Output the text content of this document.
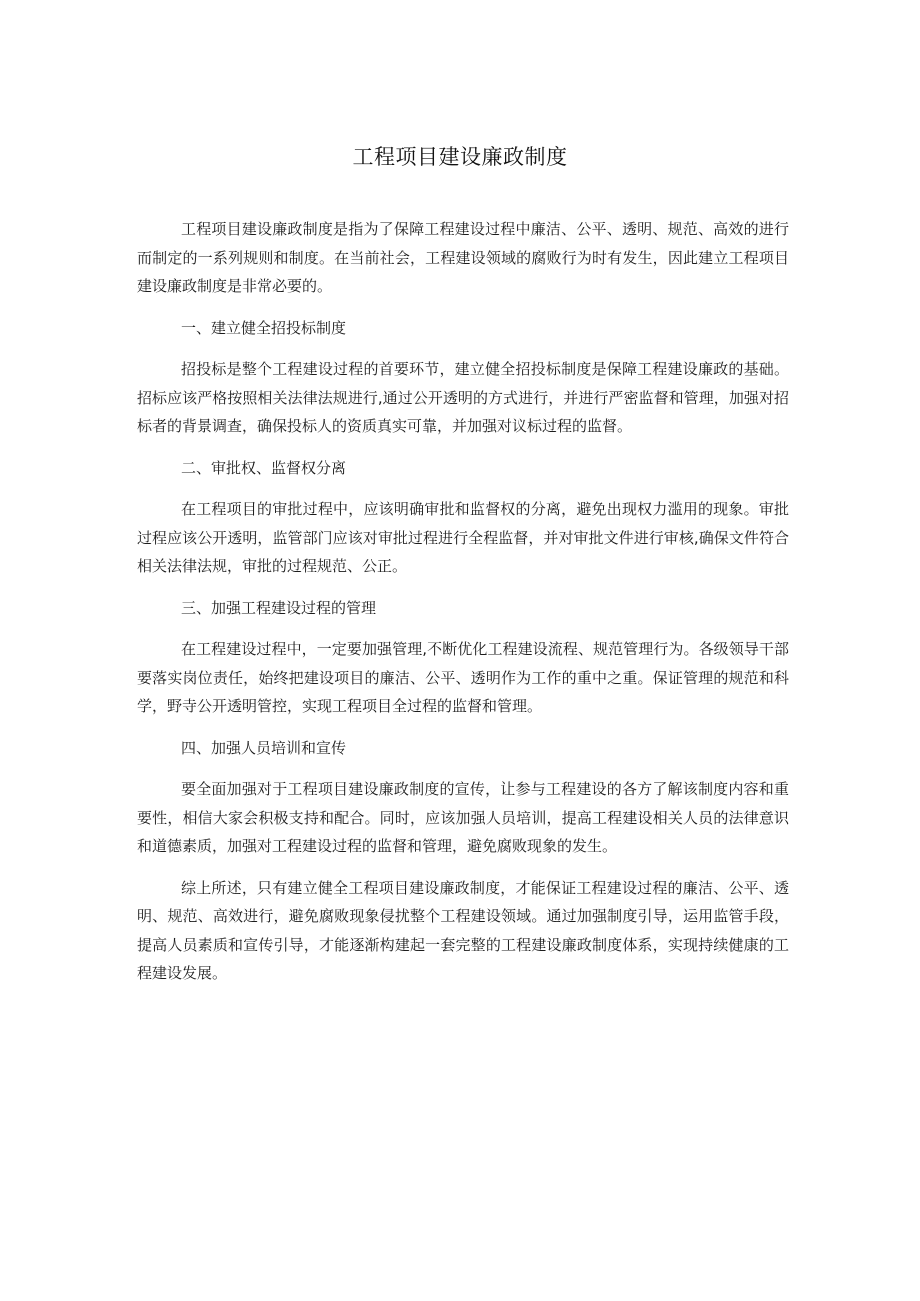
工程项目建设廉政制度

工程项目建设廉政制度是指为了保障工程建设过程中廉洁、公平、透明、规范、高效的进行而制定的一系列规则和制度。在当前社会，工程建设领域的腐败行为时有发生，因此建立工程项目建设廉政制度是非常必要的。

一、建立健全招投标制度

招投标是整个工程建设过程的首要环节，建立健全招投标制度是保障工程建设廉政的基础。招标应该严格按照相关法律法规进行,通过公开透明的方式进行，并进行严密监督和管理，加强对招标者的背景调查，确保投标人的资质真实可靠，并加强对议标过程的监督。

二、审批权、监督权分离

在工程项目的审批过程中，应该明确审批和监督权的分离，避免出现权力滥用的现象。审批过程应该公开透明，监管部门应该对审批过程进行全程监督，并对审批文件进行审核,确保文件符合相关法律法规，审批的过程规范、公正。

三、加强工程建设过程的管理

在工程建设过程中，一定要加强管理,不断优化工程建设流程、规范管理行为。各级领导干部要落实岗位责任，始终把建设项目的廉洁、公平、透明作为工作的重中之重。保证管理的规范和科学，野寺公开透明管控，实现工程项目全过程的监督和管理。

四、加强人员培训和宣传

要全面加强对于工程项目建设廉政制度的宣传，让参与工程建设的各方了解该制度内容和重要性，相信大家会积极支持和配合。同时，应该加强人员培训，提高工程建设相关人员的法律意识和道德素质，加强对工程建设过程的监督和管理，避免腐败现象的发生。

综上所述，只有建立健全工程项目建设廉政制度，才能保证工程建设过程的廉洁、公平、透明、规范、高效进行，避免腐败现象侵扰整个工程建设领域。通过加强制度引导，运用监管手段，提高人员素质和宣传引导，才能逐渐构建起一套完整的工程建设廉政制度体系，实现持续健康的工程建设发展。
